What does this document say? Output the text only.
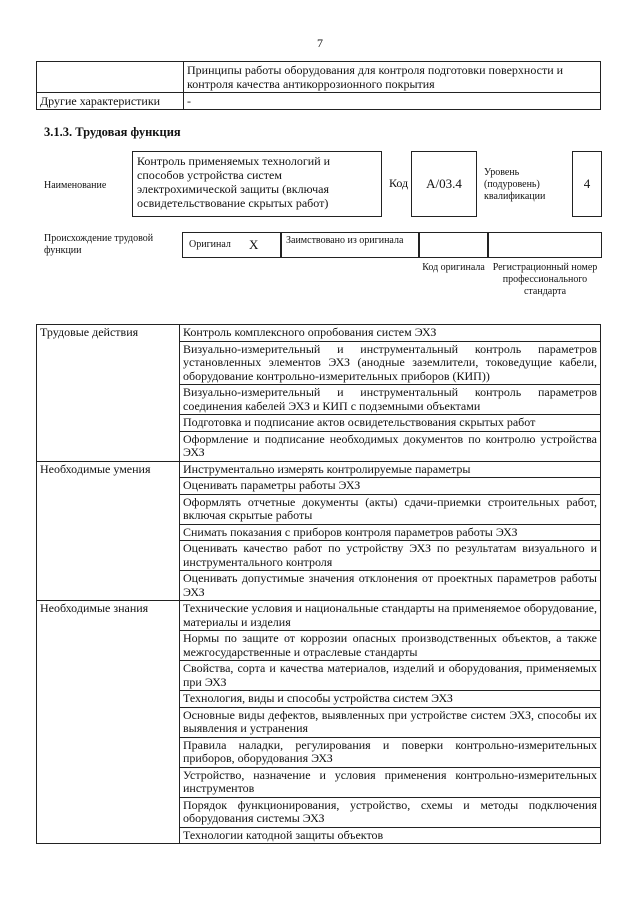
7
	Принципы работы оборудования для контроля подготовки поверхности и контроля качества антикоррозионного покрытия
Другие характеристики	-
3.1.3. Трудовая функция
Наименование
Контроль применяемых технологий и способов устройства систем электрохимической защиты (включая освидетельствование скрытых работ)
Код	А/03.4
Уровень (подуровень) квалификации
4
Происхождение трудовой функции
Оригинал X	Заимствовано из оригинала
Код оригинала Регистрационный номер профессионального стандарта
Трудовые действия	Контроль комплексного опробования систем ЭХЗ
	Визуально-измерительный и инструментальный контроль параметров установленных элементов ЭХЗ (анодные заземлители, токоведущие кабели, оборудование контрольно-измерительных приборов (КИП))
	Визуально-измерительный и инструментальный контроль параметров соединения кабелей ЭХЗ и КИП с подземными объектами
	Подготовка и подписание актов освидетельствования скрытых работ
	Оформление и подписание необходимых документов по контролю устройства ЭХЗ
Необходимые умения	Инструментально измерять контролируемые параметры
	Оценивать параметры работы ЭХЗ
	Оформлять отчетные документы (акты) сдачи-приемки строительных работ, включая скрытые работы
	Снимать показания с приборов контроля параметров работы ЭХЗ
	Оценивать качество работ по устройству ЭХЗ по результатам визуального и инструментального контроля
	Оценивать допустимые значения отклонения от проектных параметров работы ЭХЗ
Необходимые знания	Технические условия и национальные стандарты на применяемое оборудование, материалы и изделия
	Нормы по защите от коррозии опасных производственных объектов, а также межгосударственные и отраслевые стандарты
	Свойства, сорта и качества материалов, изделий и оборудования, применяемых при ЭХЗ
	Технология, виды и способы устройства систем ЭХЗ
	Основные виды дефектов, выявленных при устройстве систем ЭХЗ, способы их выявления и устранения
	Правила наладки, регулирования и поверки контрольно-измерительных приборов, оборудования ЭХЗ
	Устройство, назначение и условия применения контрольно-измерительных инструментов
	Порядок функционирования, устройство, схемы и методы подключения оборудования системы ЭХЗ
	Технологии катодной защиты объектов
